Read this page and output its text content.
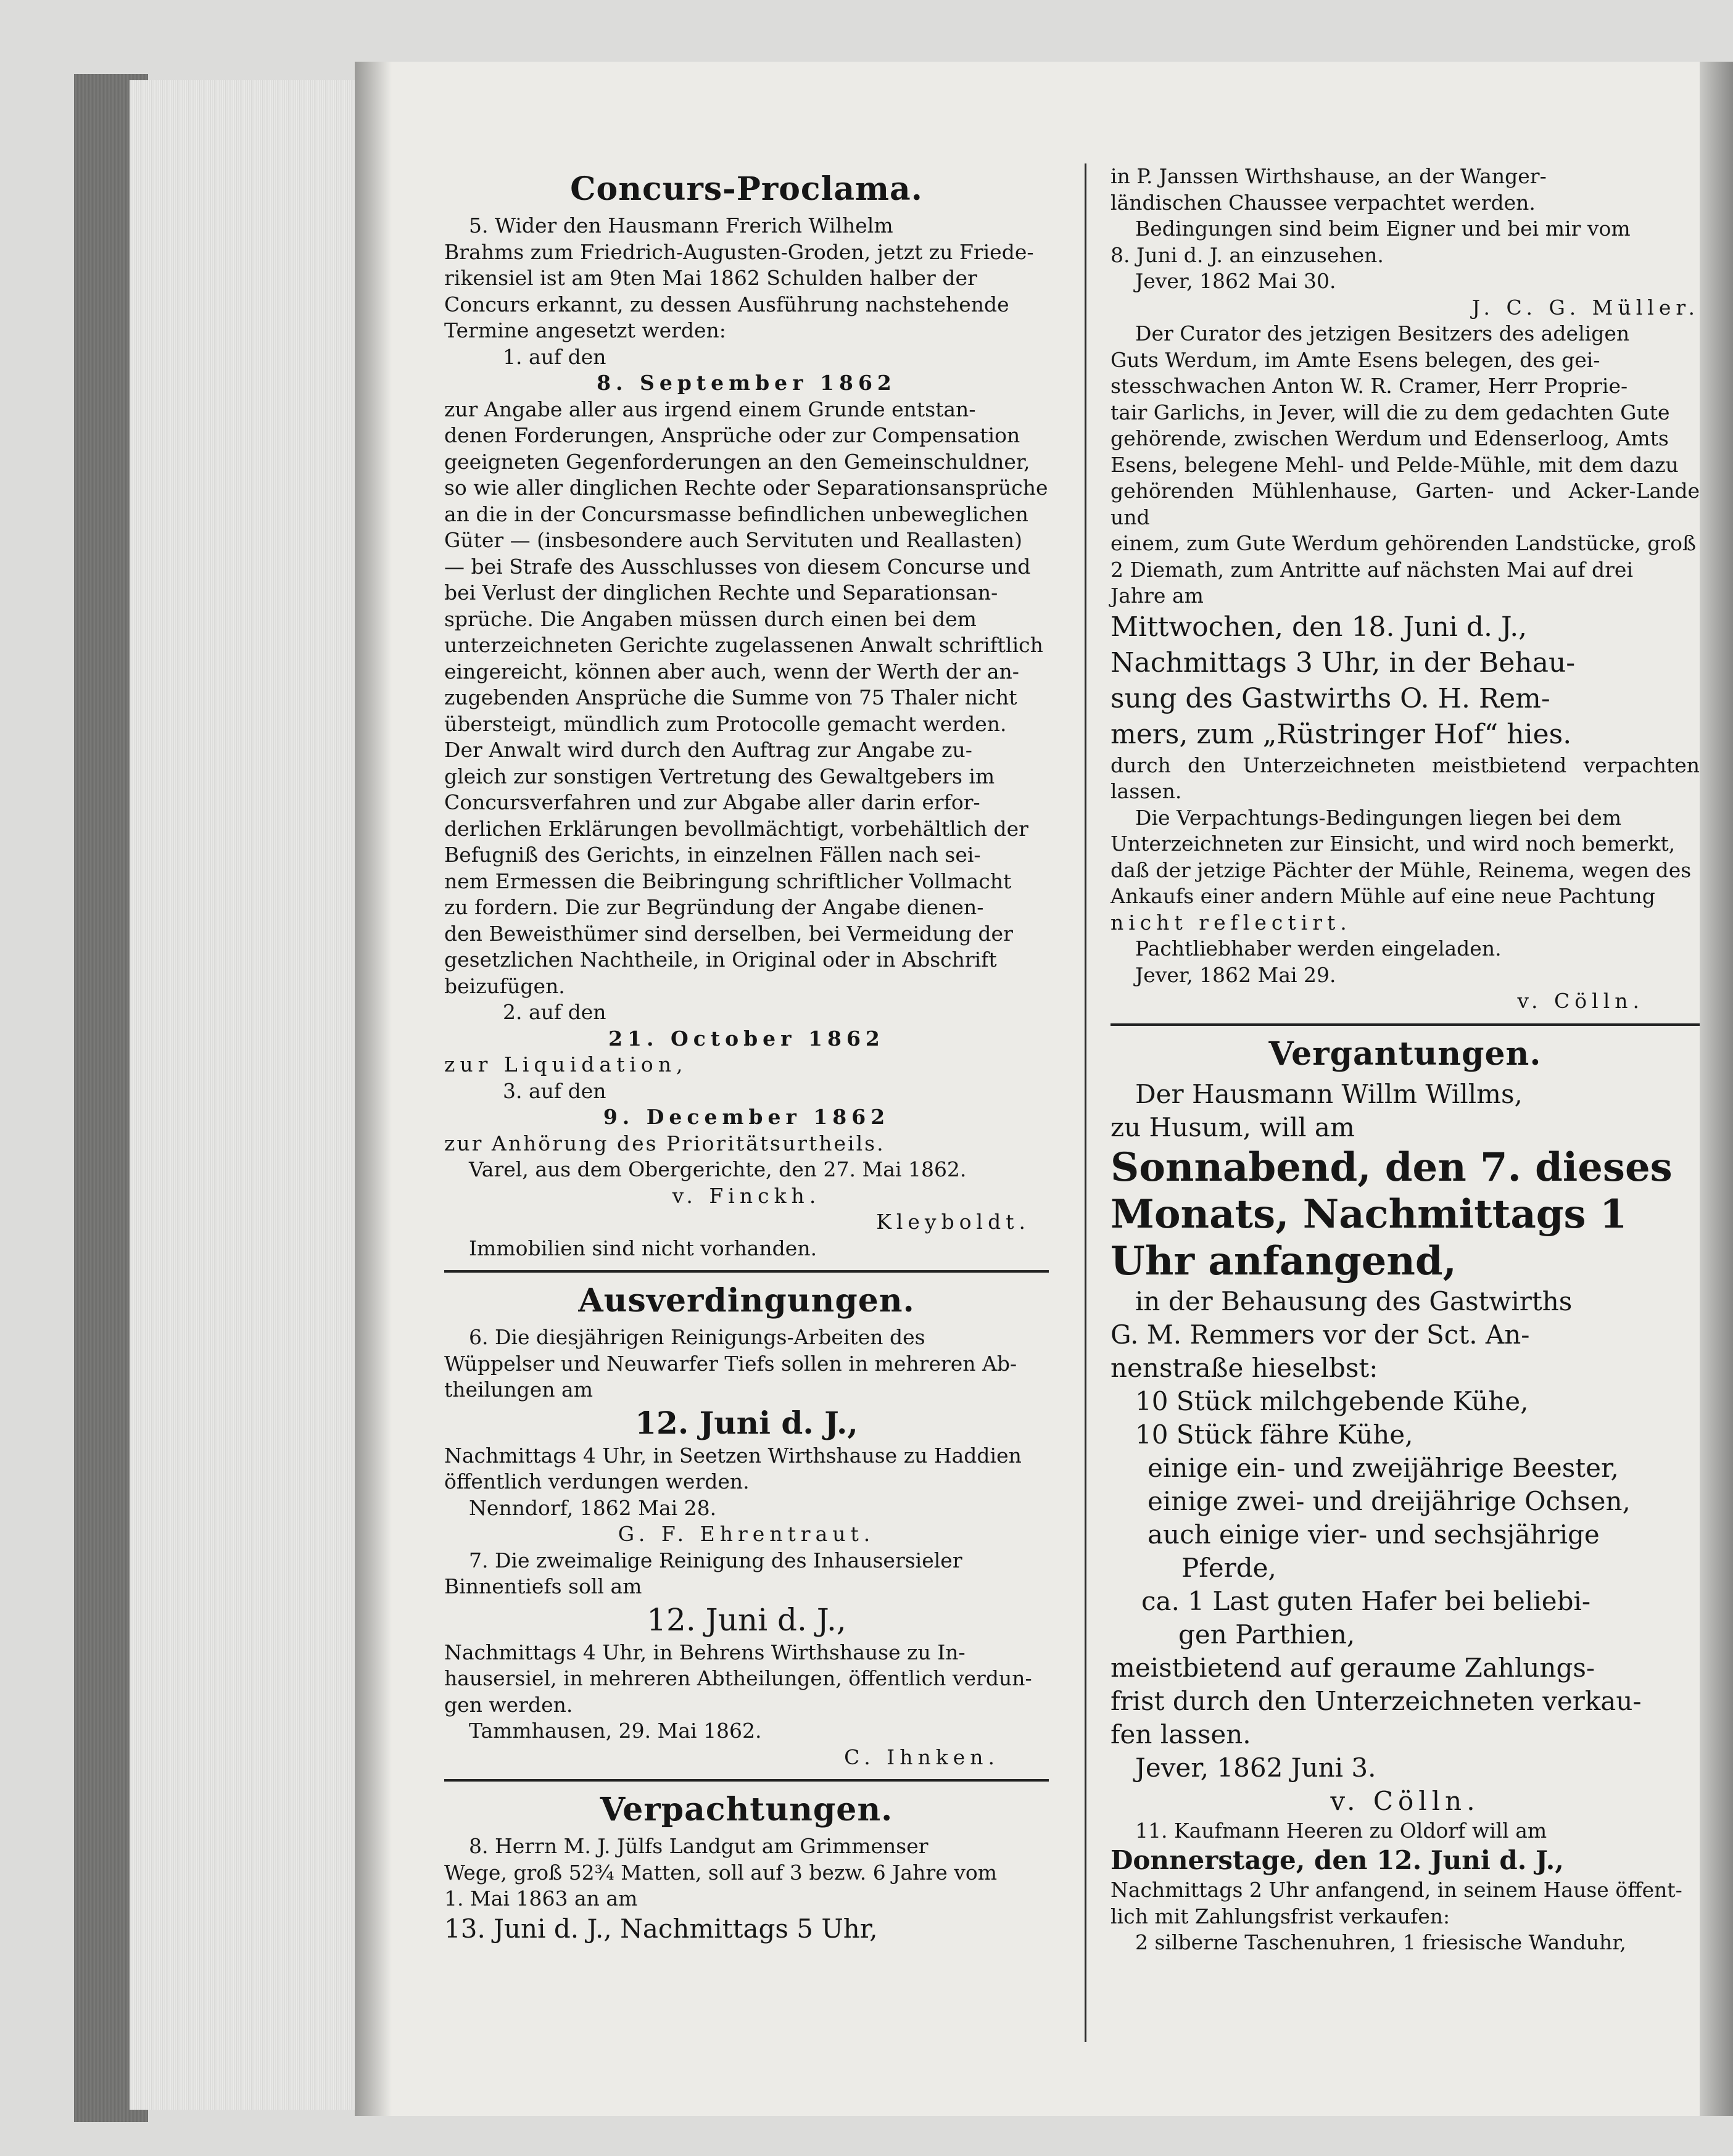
Concurs-Proclama.

5. Wider den Hausmann Frerich Wilhelm

Brahms zum Friedrich-Augusten-Groden, jetzt zu Friede-

rikensiel ist am 9ten Mai 1862 Schulden halber der

Concurs erkannt, zu dessen Ausführung nachstehende

Termine angesetzt werden:

1. auf den

8. September 1862

zur Angabe aller aus irgend einem Grunde entstan-

denen Forderungen, Ansprüche oder zur Compensation

geeigneten Gegenforderungen an den Gemeinschuldner,

so wie aller dinglichen Rechte oder Separationsansprüche

an die in der Concursmasse befindlichen unbeweglichen

Güter — (insbesondere auch Servituten und Reallasten)

— bei Strafe des Ausschlusses von diesem Concurse und

bei Verlust der dinglichen Rechte und Separationsan-

sprüche. Die Angaben müssen durch einen bei dem

unterzeichneten Gerichte zugelassenen Anwalt schriftlich

eingereicht, können aber auch, wenn der Werth der an-

zugebenden Ansprüche die Summe von 75 Thaler nicht

übersteigt, mündlich zum Protocolle gemacht werden.

Der Anwalt wird durch den Auftrag zur Angabe zu-

gleich zur sonstigen Vertretung des Gewaltgebers im

Concursverfahren und zur Abgabe aller darin erfor-

derlichen Erklärungen bevollmächtigt, vorbehältlich der

Befugniß des Gerichts, in einzelnen Fällen nach sei-

nem Ermessen die Beibringung schriftlicher Vollmacht

zu fordern. Die zur Begründung der Angabe dienen-

den Beweisthümer sind derselben, bei Vermeidung der

gesetzlichen Nachtheile, in Original oder in Abschrift

beizufügen.

2. auf den

21. October 1862

zur Liquidation,

3. auf den

9. December 1862

zur Anhörung des Prioritätsurtheils.

Varel, aus dem Obergerichte, den 27. Mai 1862.

v. Finckh.

Kleyboldt.

Immobilien sind nicht vorhanden.

Ausverdingungen.

6. Die diesjährigen Reinigungs-Arbeiten des

Wüppelser und Neuwarfer Tiefs sollen in mehreren Ab-

theilungen am

12. Juni d. J.,

Nachmittags 4 Uhr, in Seetzen Wirthshause zu Haddien

öffentlich verdungen werden.

Nenndorf, 1862 Mai 28.

G. F. Ehrentraut.

7. Die zweimalige Reinigung des Inhausersieler

Binnentiefs soll am

12. Juni d. J.,

Nachmittags 4 Uhr, in Behrens Wirthshause zu In-

hausersiel, in mehreren Abtheilungen, öffentlich verdun-

gen werden.

Tammhausen, 29. Mai 1862.

C. Ihnken.

Verpachtungen.

8. Herrn M. J. Jülfs Landgut am Grimmenser

Wege, groß 52¾ Matten, soll auf 3 bezw. 6 Jahre vom

1. Mai 1863 an am

13. Juni d. J., Nachmittags 5 Uhr,

in P. Janssen Wirthshause, an der Wanger-

ländischen Chaussee verpachtet werden.

Bedingungen sind beim Eigner und bei mir vom

8. Juni d. J. an einzusehen.

Jever, 1862 Mai 30.

J. C. G. Müller.

Der Curator des jetzigen Besitzers des adeligen

Guts Werdum, im Amte Esens belegen, des gei-

stesschwachen Anton W. R. Cramer, Herr Proprie-

tair Garlichs, in Jever, will die zu dem gedachten Gute

gehörende, zwischen Werdum und Edenserloog, Amts

Esens, belegene Mehl- und Pelde-Mühle, mit dem dazu

gehörenden Mühlenhause, Garten- und Acker-Lande und

einem, zum Gute Werdum gehörenden Landstücke, groß

2 Diemath, zum Antritte auf nächsten Mai auf drei

Jahre am

Mittwochen, den 18. Juni d. J.,

Nachmittags 3 Uhr, in der Behau-

sung des Gastwirths O. H. Rem-

mers, zum „Rüstringer Hof“ hies.

durch den Unterzeichneten meistbietend verpachten lassen.

Die Verpachtungs-Bedingungen liegen bei dem

Unterzeichneten zur Einsicht, und wird noch bemerkt,

daß der jetzige Pächter der Mühle, Reinema, wegen des

Ankaufs einer andern Mühle auf eine neue Pachtung

nicht reflectirt.

Pachtliebhaber werden eingeladen.

Jever, 1862 Mai 29.

v. Cölln.

Vergantungen.

Der Hausmann Willm Willms,

zu Husum, will am

Sonnabend, den 7. dieses

Monats, Nachmittags 1

Uhr anfangend,

in der Behausung des Gastwirths

G. M. Remmers vor der Sct. An-

nenstraße hieselbst:

10 Stück milchgebende Kühe,

10 Stück fähre Kühe,

einige ein- und zweijährige Beester,

einige zwei- und dreijährige Ochsen,

auch einige vier- und sechsjährige

Pferde,

ca. 1 Last guten Hafer bei beliebi-

gen Parthien,

meistbietend auf geraume Zahlungs-

frist durch den Unterzeichneten verkau-

fen lassen.

Jever, 1862 Juni 3.

v. Cölln.

11. Kaufmann Heeren zu Oldorf will am

Donnerstage, den 12. Juni d. J.,

Nachmittags 2 Uhr anfangend, in seinem Hause öffent-

lich mit Zahlungsfrist verkaufen:

2 silberne Taschenuhren, 1 friesische Wanduhr,
